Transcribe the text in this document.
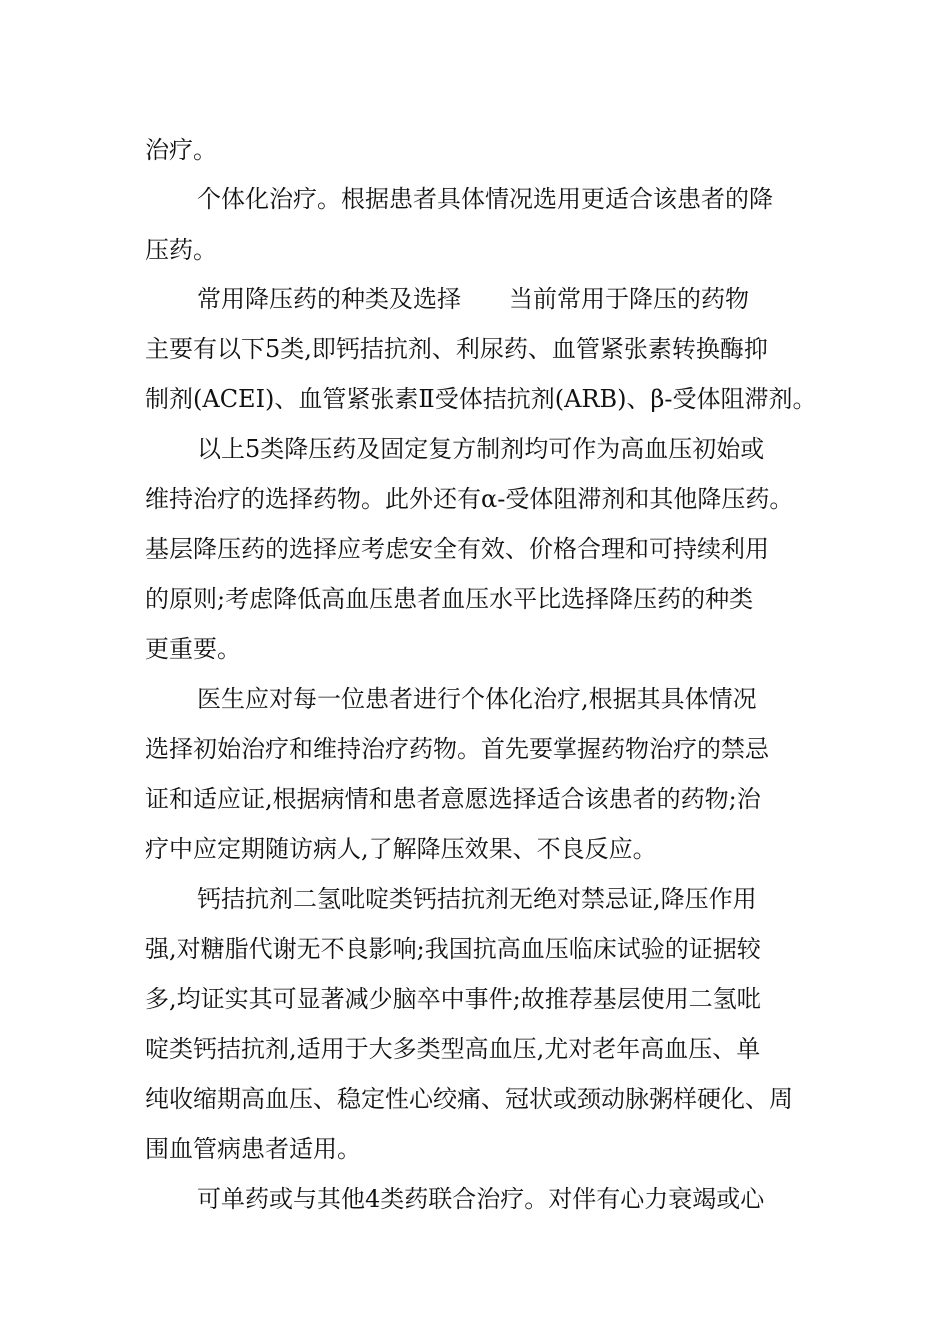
治疗。
个体化治疗。根据患者具体情况选用更适合该患者的降
压药。
常用降压药的种类及选择　　当前常用于降压的药物
主要有以下5类,即钙拮抗剂、利尿药、血管紧张素转换酶抑
制剂(ACEI)、血管紧张素Ⅱ受体拮抗剂(ARB)、β-受体阻滞剂。
以上5类降压药及固定复方制剂均可作为高血压初始或
维持治疗的选择药物。此外还有α-受体阻滞剂和其他降压药。
基层降压药的选择应考虑安全有效、价格合理和可持续利用
的原则;考虑降低高血压患者血压水平比选择降压药的种类
更重要。
医生应对每一位患者进行个体化治疗,根据其具体情况
选择初始治疗和维持治疗药物。首先要掌握药物治疗的禁忌
证和适应证,根据病情和患者意愿选择适合该患者的药物;治
疗中应定期随访病人,了解降压效果、不良反应。
钙拮抗剂二氢吡啶类钙拮抗剂无绝对禁忌证,降压作用
强,对糖脂代谢无不良影响;我国抗高血压临床试验的证据较
多,均证实其可显著减少脑卒中事件;故推荐基层使用二氢吡
啶类钙拮抗剂,适用于大多类型高血压,尤对老年高血压、单
纯收缩期高血压、稳定性心绞痛、冠状或颈动脉粥样硬化、周
围血管病患者适用。
可单药或与其他4类药联合治疗。对伴有心力衰竭或心
